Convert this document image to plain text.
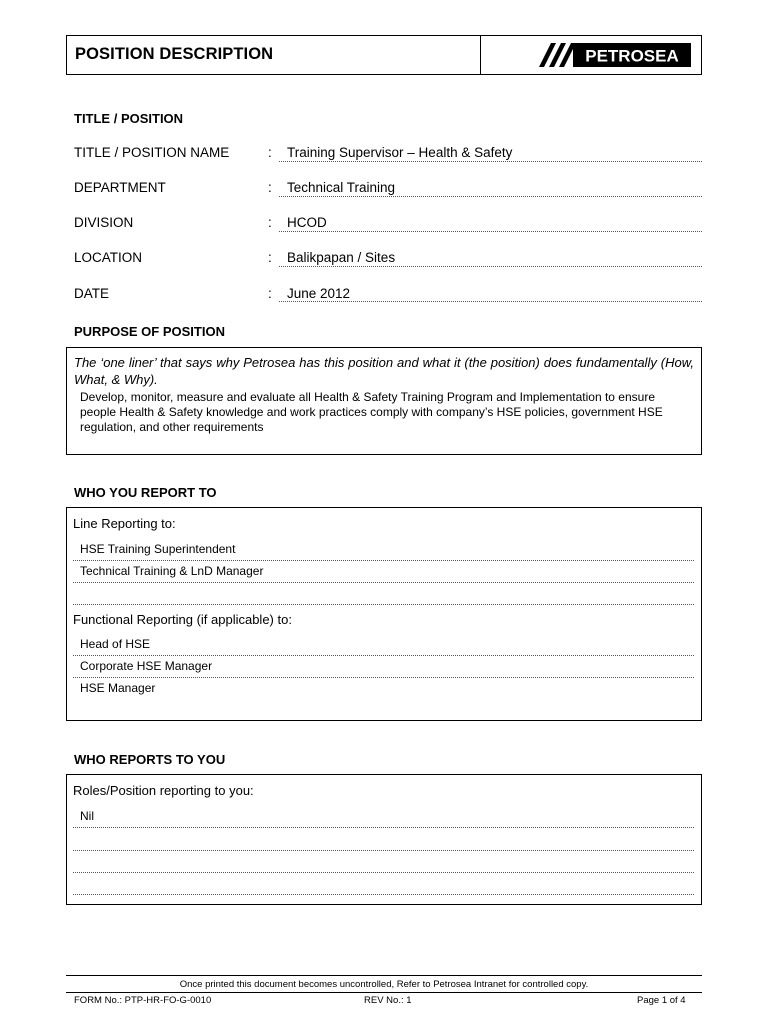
POSITION DESCRIPTION	PETROSEA
TITLE / POSITION
TITLE / POSITION NAME	: Training Supervisor – Health & Safety
DEPARTMENT	: Technical Training
DIVISION	: HCOD
LOCATION	: Balikpapan / Sites
DATE	: June 2012
PURPOSE OF POSITION
The ‘one liner’ that says why Petrosea has this position and what it (the position) does fundamentally (How, What, & Why).
Develop, monitor, measure and evaluate all Health & Safety Training Program and Implementation to ensure people Health & Safety knowledge and work practices comply with company’s HSE policies, government HSE regulation, and other requirements
WHO YOU REPORT TO
Line Reporting to:
HSE Training Superintendent
Technical Training & LnD Manager
Functional Reporting (if applicable) to:
Head of HSE
Corporate HSE Manager
HSE Manager
WHO REPORTS TO YOU
Roles/Position reporting to you:
Nil
Once printed this document becomes uncontrolled, Refer to Petrosea Intranet for controlled copy.
FORM No.: PTP-HR-FO-G-0010	REV No.: 1	Page 1 of 4
